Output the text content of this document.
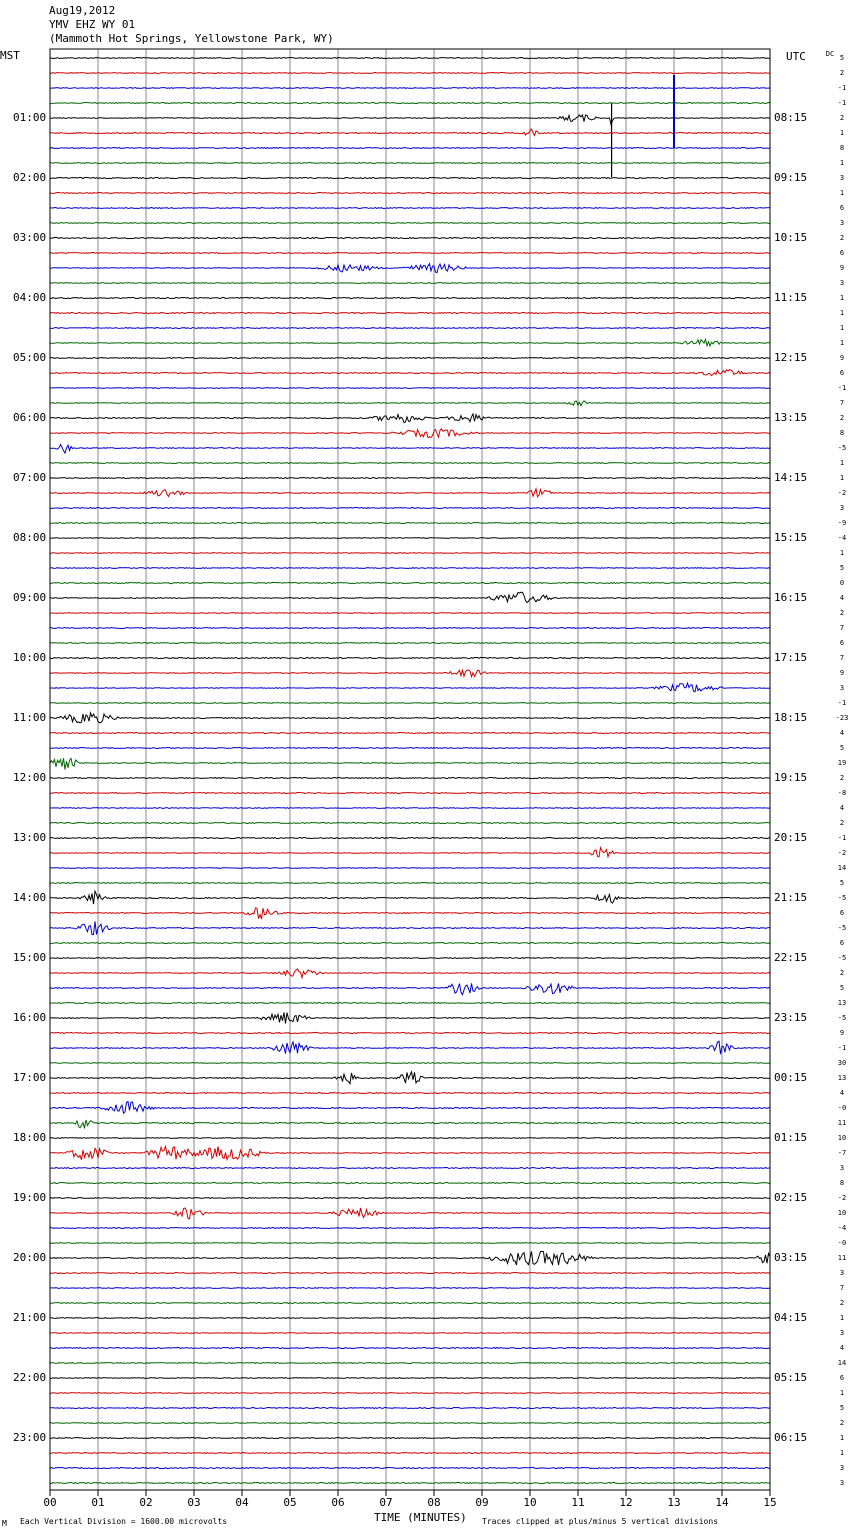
Aug19,2012
YMV EHZ WY 01
(Mammoth Hot Springs, Yellowstone Park, WY)
MST	UTC	DC
00	01	02	03	04	05	06	07	08	09	10	11	12	13	14	15
01:00
02:00
03:00
04:00
05:00
06:00
07:00
08:00
09:00
10:00
11:00
12:00
13:00
14:00
15:00
16:00
17:00
18:00
19:00
20:00
21:00
22:00
23:00
08:15
09:15
10:15
11:15
12:15
13:15
14:15
15:15
16:15
17:15
18:15
19:15
20:15
21:15
22:15
23:15
00:15
01:15
02:15
03:15
04:15
05:15
06:15
5
2
-1
-1
2
1
8
1
3
1
6
3
2
6
9
3
1
1
1
1
9
6
-1
7
2
8
-5
1
1
-2
3
-9
-4
1
5
0
4
2
7
6
7
9
3
-1
-23
4
5
19
2
-8
4
2
-1
-2
14
5
-5
6
-5
6
-5
2
5
13
-5
9
-1
30
13
4
-0
11
10
-7
3
8
-2
10
-4
-0
11
3
7
2
1
3
4
14
6
1
5
2
1
1
3
3
M Each Vertical Division = 1600.00 microvolts	TIME (MINUTES) Traces clipped at plus/minus 5 vertical divisions
